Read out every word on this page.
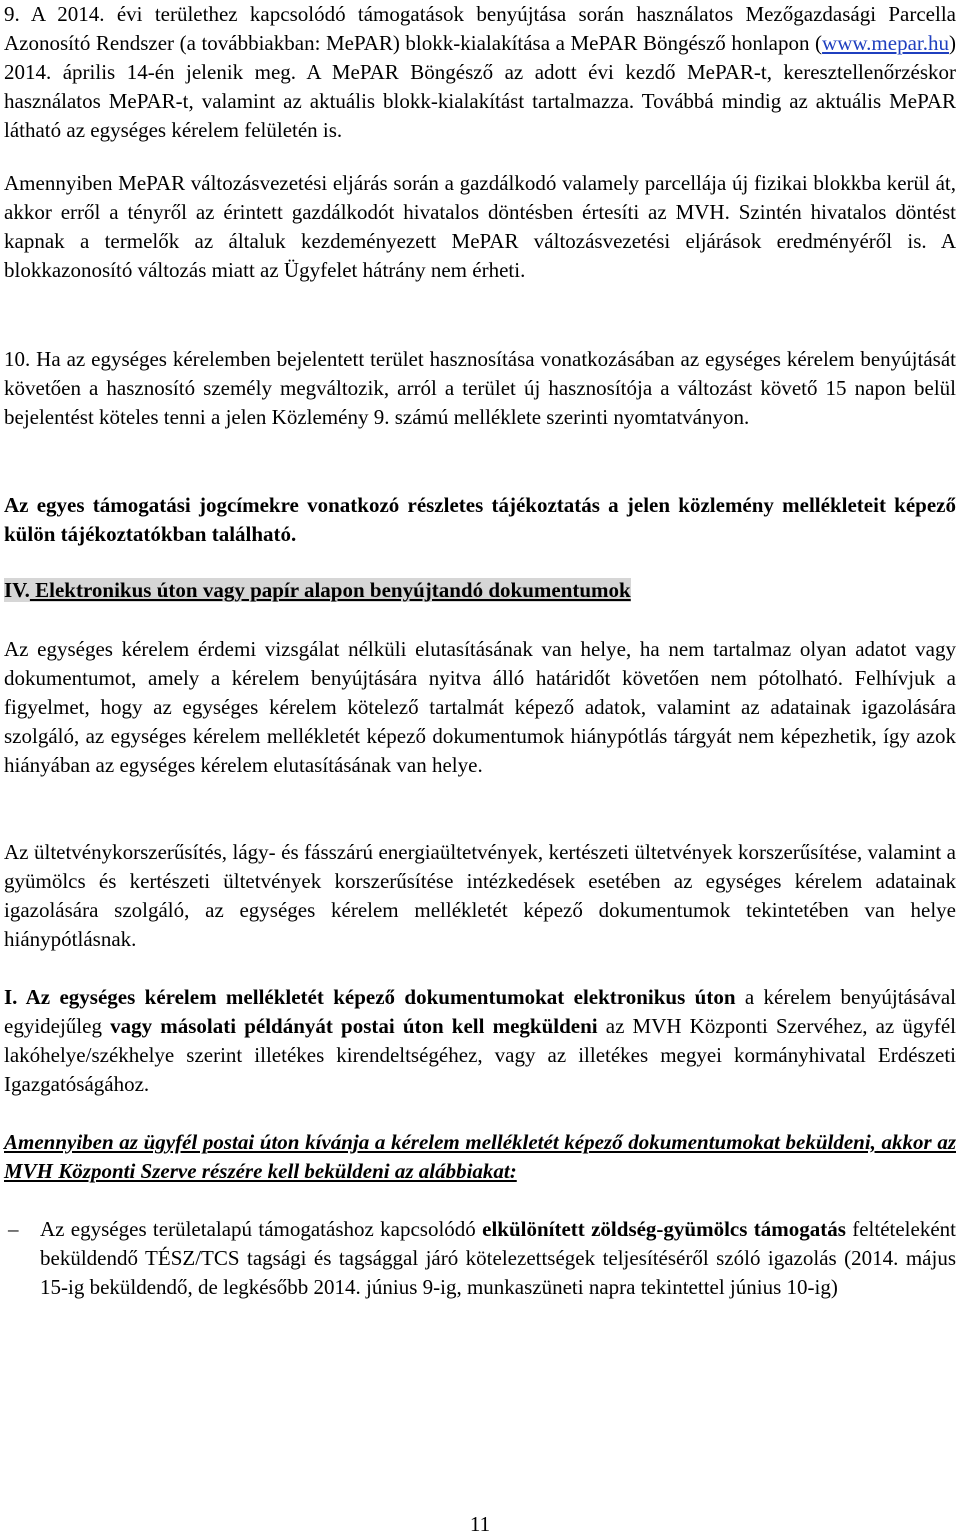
9. A 2014. évi területhez kapcsolódó támogatások benyújtása során használatos Mezőgazdasági Parcella Azonosító Rendszer (a továbbiakban: MePAR) blokk-kialakítása a MePAR Böngésző honlapon (www.mepar.hu) 2014. április 14-én jelenik meg. A MePAR Böngésző az adott évi kezdő MePAR-t, keresztellenőrzéskor használatos MePAR-t, valamint az aktuális blokk-kialakítást tartalmazza. Továbbá mindig az aktuális MePAR látható az egységes kérelem felületén is.
Amennyiben MePAR változásvezetési eljárás során a gazdálkodó valamely parcellája új fizikai blokkba kerül át, akkor erről a tényről az érintett gazdálkodót hivatalos döntésben értesíti az MVH. Szintén hivatalos döntést kapnak a termelők az általuk kezdeményezett MePAR változásvezetési eljárások eredményéről is. A blokkazonosító változás miatt az Ügyfelet hátrány nem érheti.
10. Ha az egységes kérelemben bejelentett terület hasznosítása vonatkozásában az egységes kérelem benyújtását követően a hasznosító személy megváltozik, arról a terület új hasznosítója a változást követő 15 napon belül bejelentést köteles tenni a jelen Közlemény 9. számú melléklete szerinti nyomtatványon.
Az egyes támogatási jogcímekre vonatkozó részletes tájékoztatás a jelen közlemény mellékleteit képező külön tájékoztatókban található.
IV. Elektronikus úton vagy papír alapon benyújtandó dokumentumok
Az egységes kérelem érdemi vizsgálat nélküli elutasításának van helye, ha nem tartalmaz olyan adatot vagy dokumentumot, amely a kérelem benyújtására nyitva álló határidőt követően nem pótolható. Felhívjuk a figyelmet, hogy az egységes kérelem kötelező tartalmát képező adatok, valamint az adatainak igazolására szolgáló, az egységes kérelem mellékletét képező dokumentumok hiánypótlás tárgyát nem képezhetik, így azok hiányában az egységes kérelem elutasításának van helye.
Az ültetvénykorszerűsítés, lágy- és fásszárú energiaültetvények, kertészeti ültetvények korszerűsítése, valamint a gyümölcs és kertészeti ültetvények korszerűsítése intézkedések esetében az egységes kérelem adatainak igazolására szolgáló, az egységes kérelem mellékletét képező dokumentumok tekintetében van helye hiánypótlásnak.
I. Az egységes kérelem mellékletét képező dokumentumokat elektronikus úton a kérelem benyújtásával egyidejűleg vagy másolati példányát postai úton kell megküldeni az MVH Központi Szervéhez, az ügyfél lakóhelye/székhelye szerint illetékes kirendeltségéhez, vagy az illetékes megyei kormányhivatal Erdészeti Igazgatóságához.
Amennyiben az ügyfél postai úton kívánja a kérelem mellékletét képező dokumentumokat beküldeni, akkor az MVH Központi Szerve részére kell beküldeni az alábbiakat:
–	Az egységes területalapú támogatáshoz kapcsolódó elkülönített zöldség-gyümölcs támogatás feltételeként beküldendő TÉSZ/TCS tagsági és tagsággal járó kötelezettségek teljesítéséről szóló igazolás (2014. május 15-ig beküldendő, de legkésőbb 2014. június 9-ig, munkaszüneti napra tekintettel június 10-ig)
11
